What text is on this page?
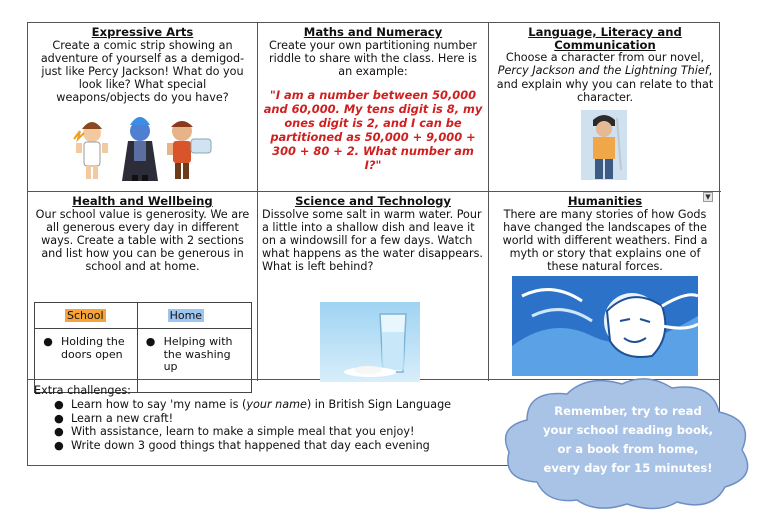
Expressive Arts
Create a comic strip showing an adventure of yourself as a demigod- just like Percy Jackson! What do you look like? What special weapons/objects do you have?
Maths and Numeracy
Create your own partitioning number riddle to share with the class. Here is an example:
"I am a number between 50,000 and 60,000. My tens digit is 8, my ones digit is 2, and I can be partitioned as 50,000 + 9,000 + 300 + 80 + 2. What number am I?"
Language, Literacy and Communication
Choose a character from our novel, Percy Jackson and the Lightning Thief, and explain why you can relate to that character.
Health and Wellbeing
Our school value is generosity. We are all generous every day in different ways. Create a table with 2 sections and list how you can be generous in school and at home.
School	Home

● Holding the doors open	● Helping with the washing up
Science and Technology
Dissolve some salt in warm water. Pour a little into a shallow dish and leave it on a windowsill for a few days. Watch what happens as the water disappears. What is left behind?
Humanities
There are many stories of how Gods have changed the landscapes of the world with different weathers. Find a myth or story that explains one of these natural forces.
Extra challenges:
● Learn how to say 'my name is (your name) in British Sign Language
● Learn a new craft!
● With assistance, learn to make a simple meal that you enjoy!
● Write down 3 good things that happened that day each evening
▼
Remember, try to read
your school reading book,
or a book from home,
every day for 15 minutes!
